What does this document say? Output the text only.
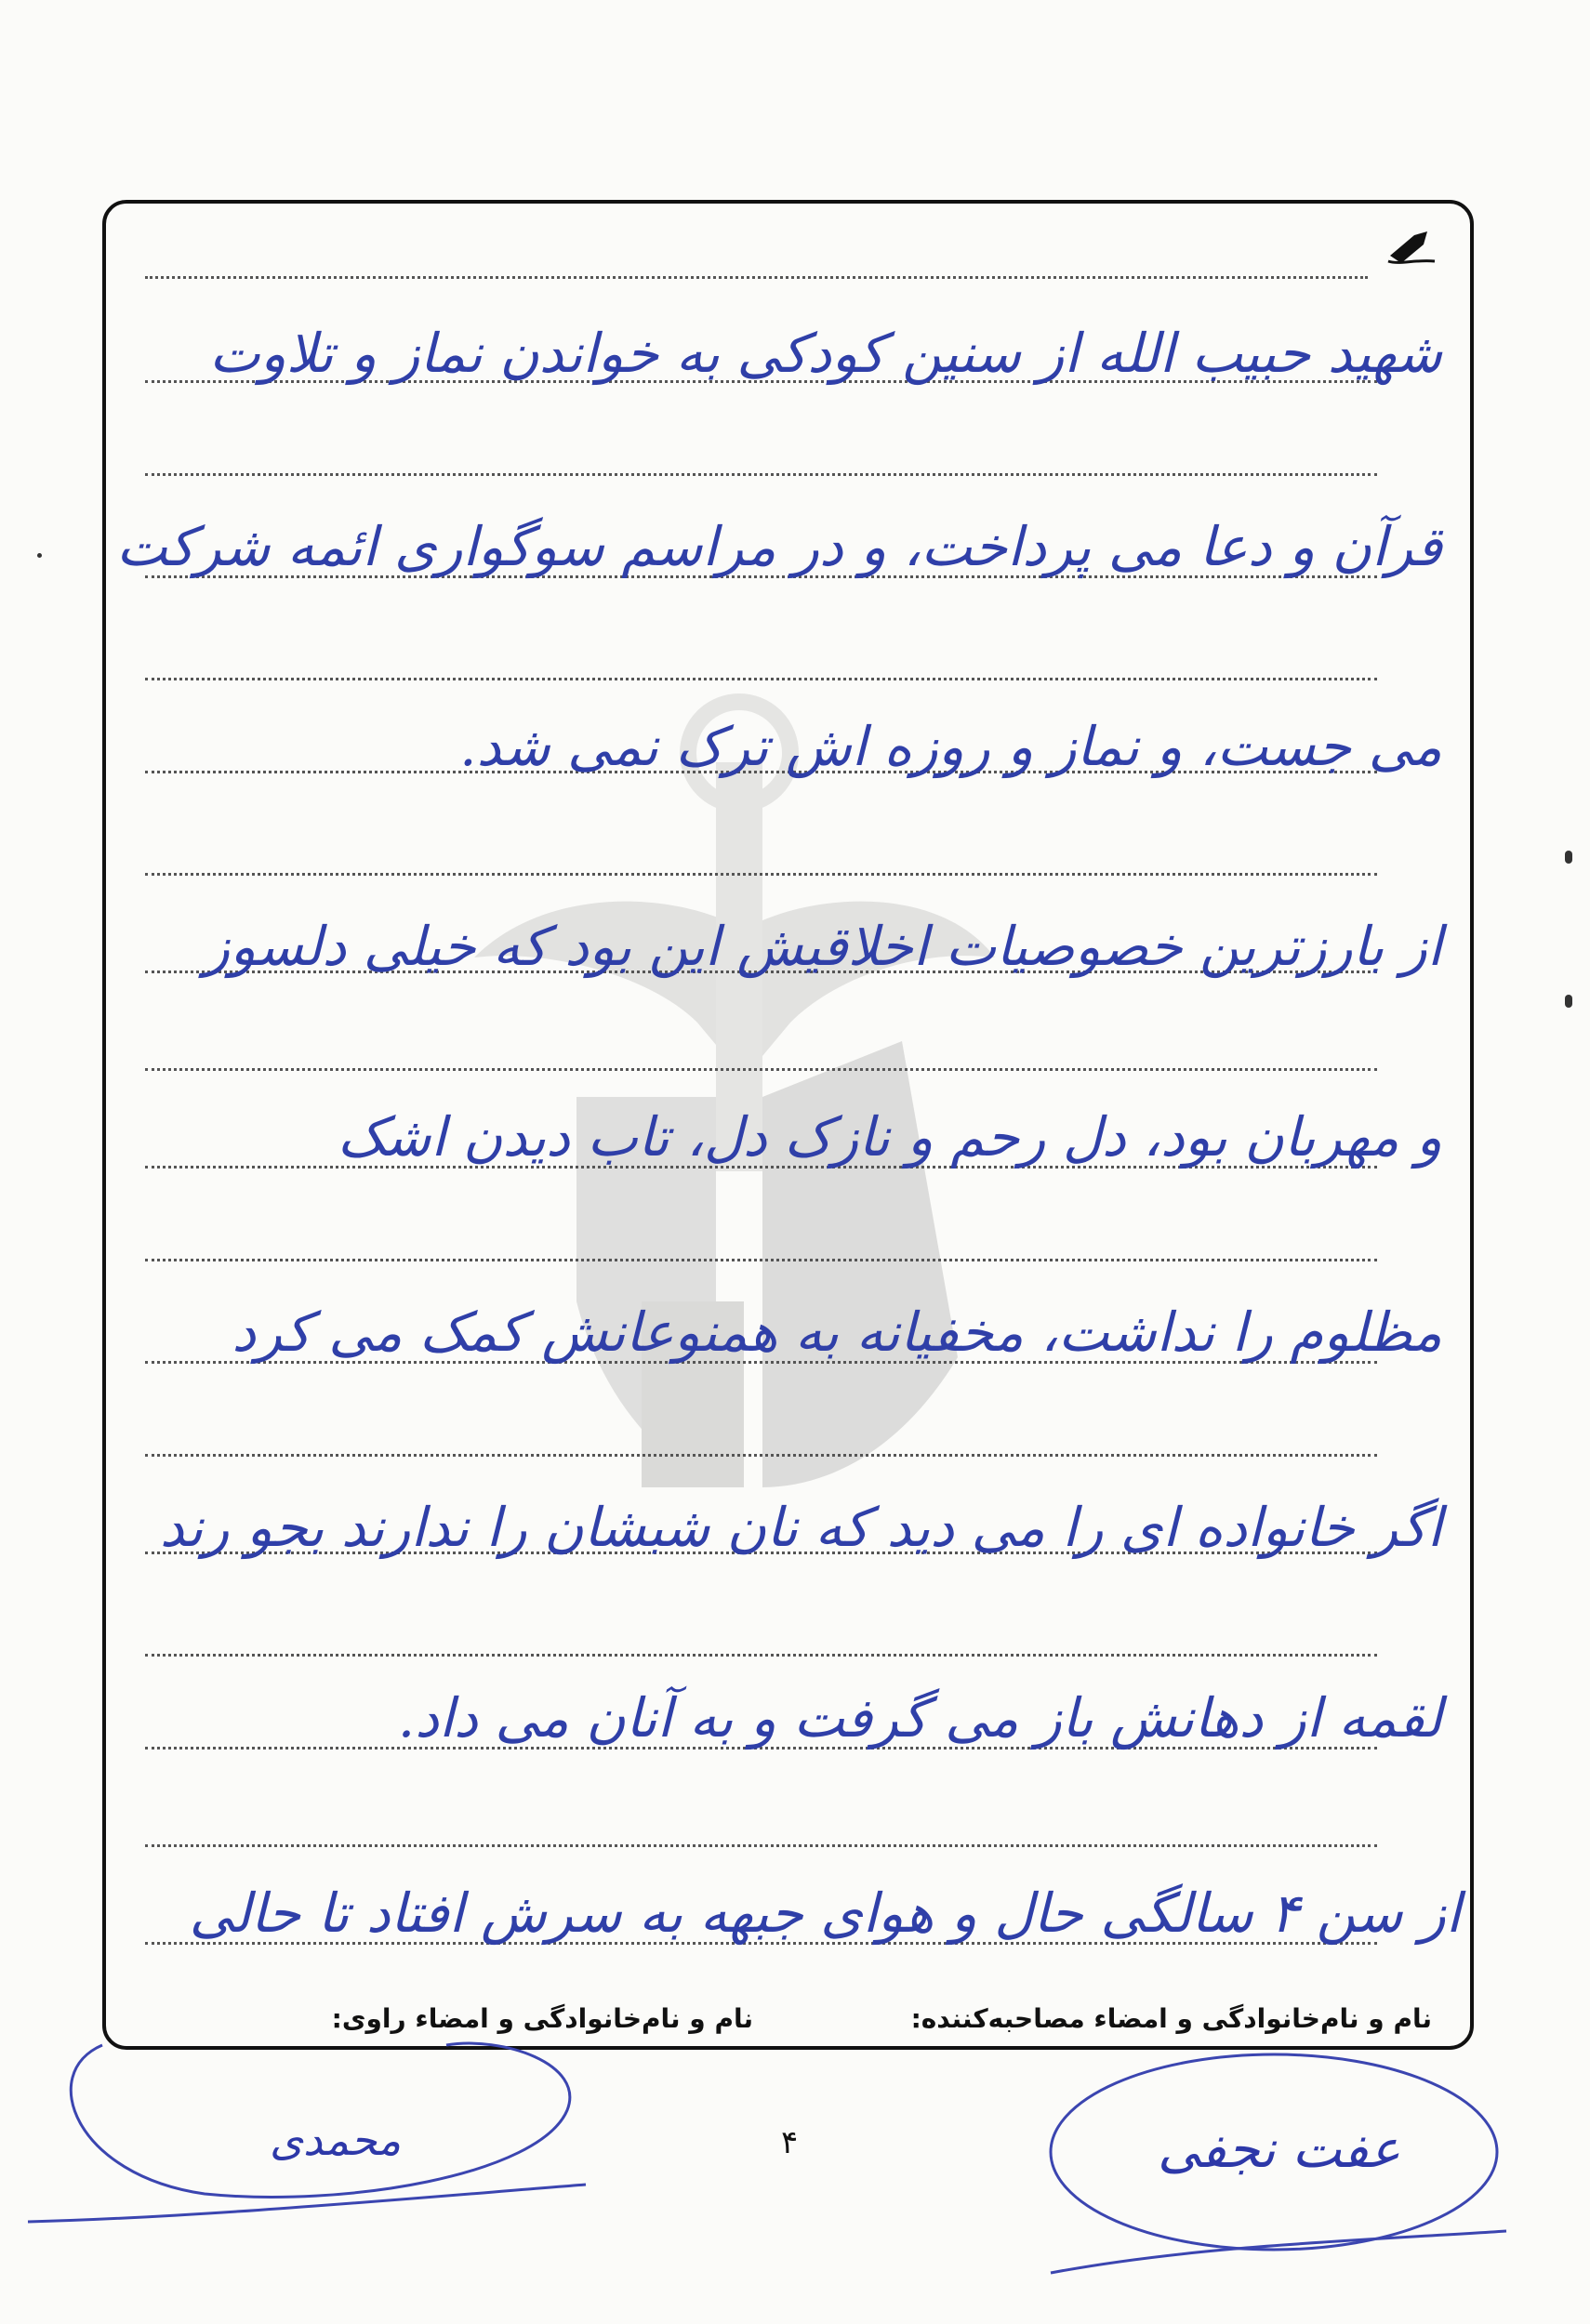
شهید حبیب الله از سنین کودکی به خواندن نماز و تلاوت
قرآن و دعا می پرداخت، و در مراسم سوگواری ائمه شرکت
می جست، و نماز و روزه اش ترک نمی شد.
از بارزترین خصوصیات اخلاقیش این بود که خیلی دلسوز
و مهربان بود، دل رحم و نازک دل، تاب دیدن اشک
مظلوم را نداشت، مخفیانه به همنوعانش کمک می کرد
اگر خانواده ای را می دید که نان شبشان را ندارند بجو رند
لقمه از دهانش باز می گرفت و به آنان می داد.
از سن ۴ سالگی حال و هوای جبهه به سرش افتاد تا حالی
نام و نام‌خانوادگی و امضاء مصاحبه‌کننده:
نام و نام‌خانوادگی و امضاء راوی:
عفت نجفی
محمدی	۴
